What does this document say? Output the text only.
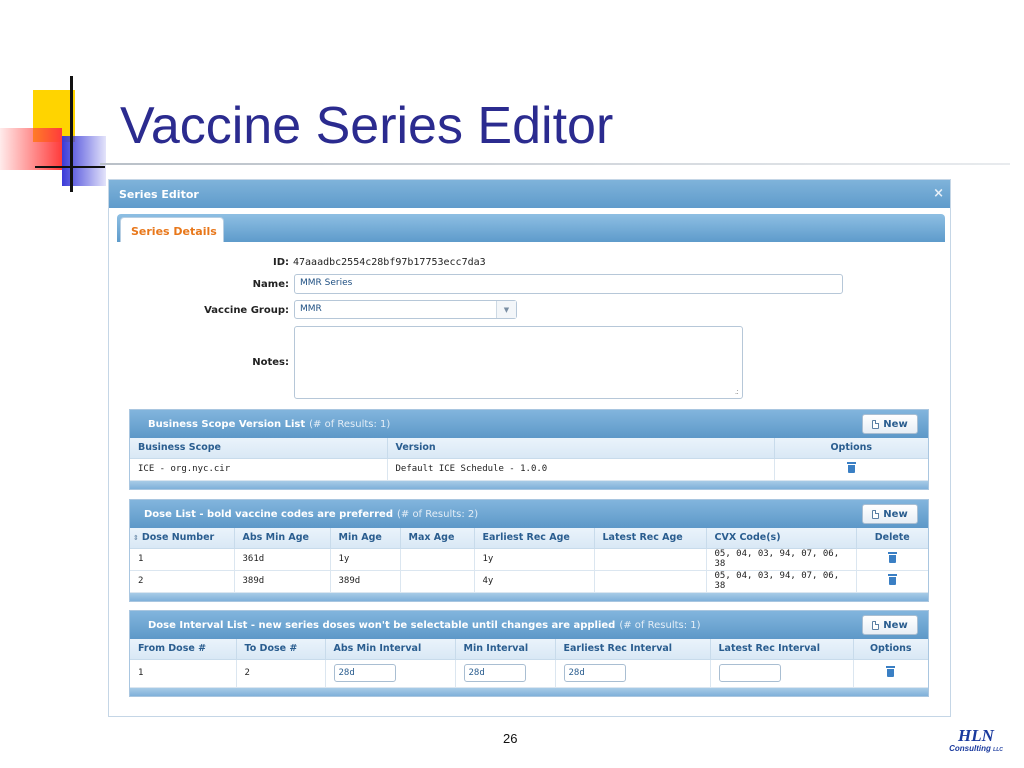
Vaccine Series Editor
Series Editor	×
Series Details
ID: 47aaadbc2554c28bf97b17753ecc7da3
Name:	MMR Series
Vaccine Group:	MMR	▼
Notes:
.:
Business Scope Version List (# of Results: 1)	New
Business Scope	Version	Options
ICE - org.nyc.cir	Default ICE Schedule - 1.0.0	
Dose List - bold vaccine codes are preferred (# of Results: 2)	New
⇕ Dose Number	Abs Min Age	Min Age	Max Age	Earliest Rec Age	Latest Rec Age	CVX Code(s)	Delete
1	361d	1y		1y		05, 04, 03, 94, 07, 06, 38	
2	389d	389d		4y		05, 04, 03, 94, 07, 06, 38	
Dose Interval List - new series doses won't be selectable until changes are applied (# of Results: 1)	New
From Dose #	To Dose #	Abs Min Interval	Min Interval	Earliest Rec Interval	Latest Rec Interval	Options
1	2	28d	28d	28d		
26	HLN
Consulting LLC
